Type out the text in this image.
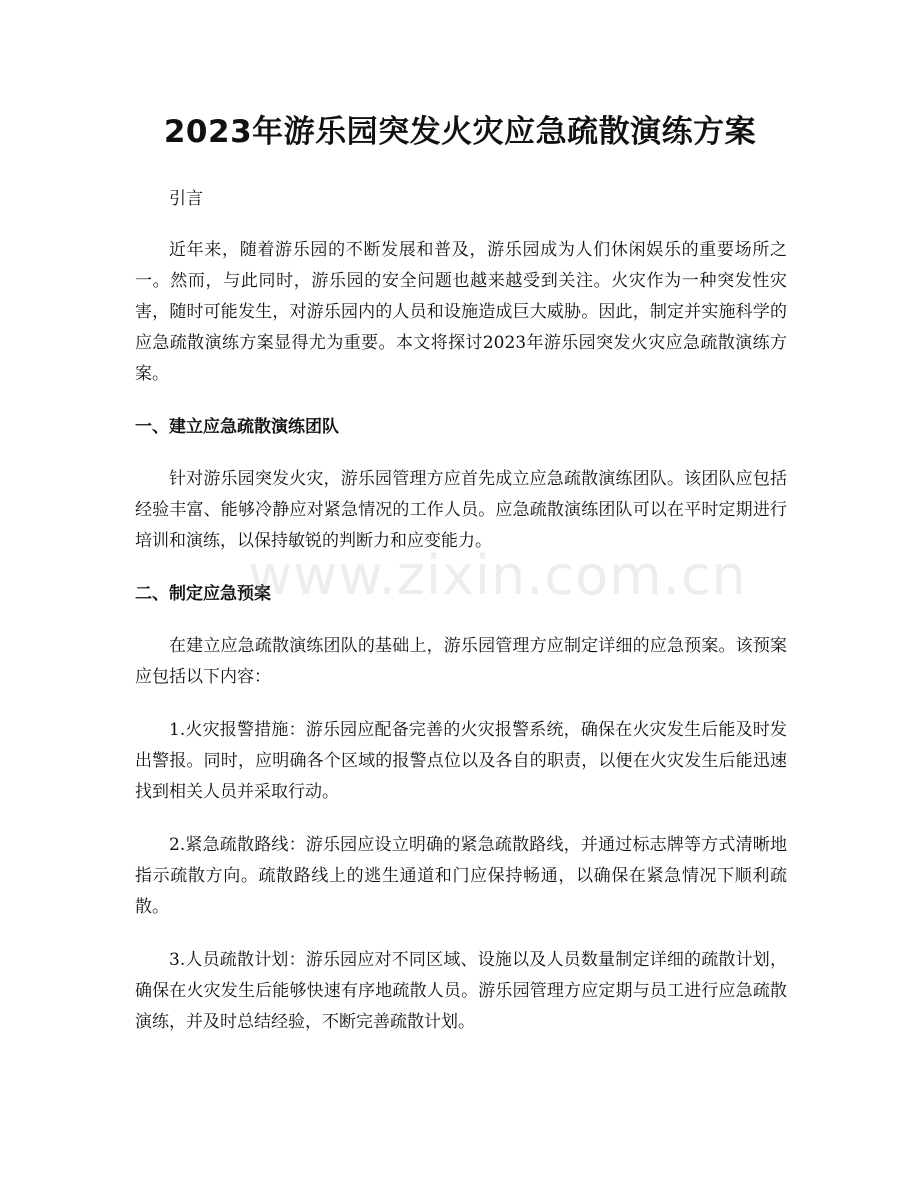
2023年游乐园突发火灾应急疏散演练方案

引言

近年来，随着游乐园的不断发展和普及，游乐园成为人们休闲娱乐的重要场所之一。然而，与此同时，游乐园的安全问题也越来越受到关注。火灾作为一种突发性灾害，随时可能发生，对游乐园内的人员和设施造成巨大威胁。因此，制定并实施科学的应急疏散演练方案显得尤为重要。本文将探讨2023年游乐园突发火灾应急疏散演练方案。

一、建立应急疏散演练团队

针对游乐园突发火灾，游乐园管理方应首先成立应急疏散演练团队。该团队应包括经验丰富、能够冷静应对紧急情况的工作人员。应急疏散演练团队可以在平时定期进行培训和演练，以保持敏锐的判断力和应变能力。

二、制定应急预案

在建立应急疏散演练团队的基础上，游乐园管理方应制定详细的应急预案。该预案应包括以下内容：

1.火灾报警措施：游乐园应配备完善的火灾报警系统，确保在火灾发生后能及时发出警报。同时，应明确各个区域的报警点位以及各自的职责，以便在火灾发生后能迅速找到相关人员并采取行动。

2.紧急疏散路线：游乐园应设立明确的紧急疏散路线，并通过标志牌等方式清晰地指示疏散方向。疏散路线上的逃生通道和门应保持畅通，以确保在紧急情况下顺利疏散。

3.人员疏散计划：游乐园应对不同区域、设施以及人员数量制定详细的疏散计划，确保在火灾发生后能够快速有序地疏散人员。游乐园管理方应定期与员工进行应急疏散演练，并及时总结经验，不断完善疏散计划。

www.zixin.com.cn
